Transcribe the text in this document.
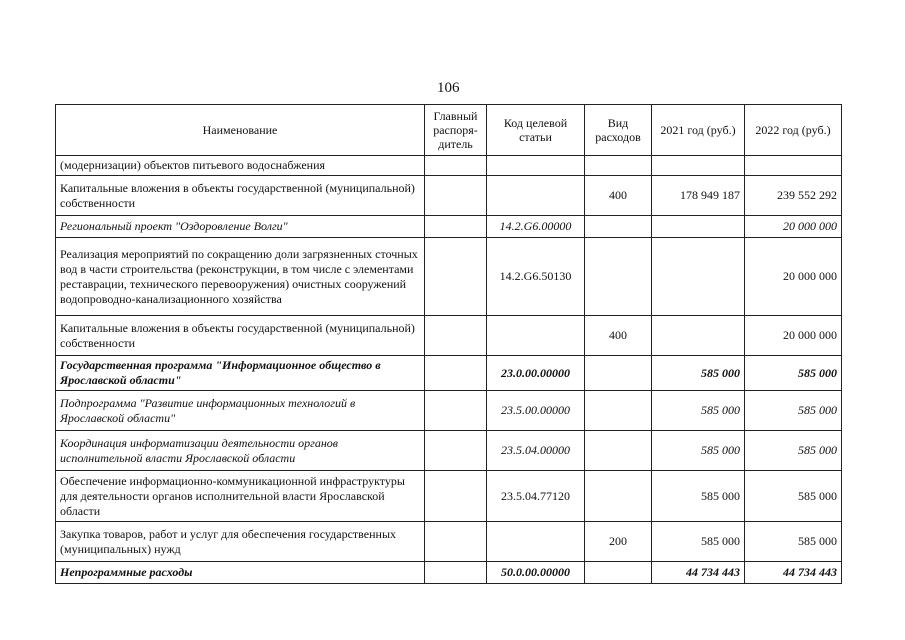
106
Наименование	Главный распоря- дитель	Код целевой статьи	Вид расходов	2021 год (руб.)	2022 год (руб.)
(модернизации) объектов питьевого водоснабжения					
Капитальные вложения в объекты государственной (муниципальной) собственности			400	178 949 187	239 552 292
Региональный проект "Оздоровление Волги"		14.2.G6.00000			20 000 000
Реализация мероприятий по сокращению доли загрязненных сточных вод в части строительства (реконструкции, в том числе с элементами реставрации, технического перевооружения) очистных сооружений водопроводно-канализационного хозяйства		14.2.G6.50130			20 000 000
Капитальные вложения в объекты государственной (муниципальной) собственности			400		20 000 000
Государственная программа "Информационное общество в Ярославской области"		23.0.00.00000		585 000	585 000
Подпрограмма "Развитие информационных технологий в Ярославской области"		23.5.00.00000		585 000	585 000
Координация информатизации деятельности органов исполнительной власти Ярославской области		23.5.04.00000		585 000	585 000
Обеспечение информационно-коммуникационной инфраструктуры для деятельности органов исполнительной власти Ярославской области		23.5.04.77120		585 000	585 000
Закупка товаров, работ и услуг для обеспечения государственных (муниципальных) нужд			200	585 000	585 000
Непрограммные расходы		50.0.00.00000		44 734 443	44 734 443
